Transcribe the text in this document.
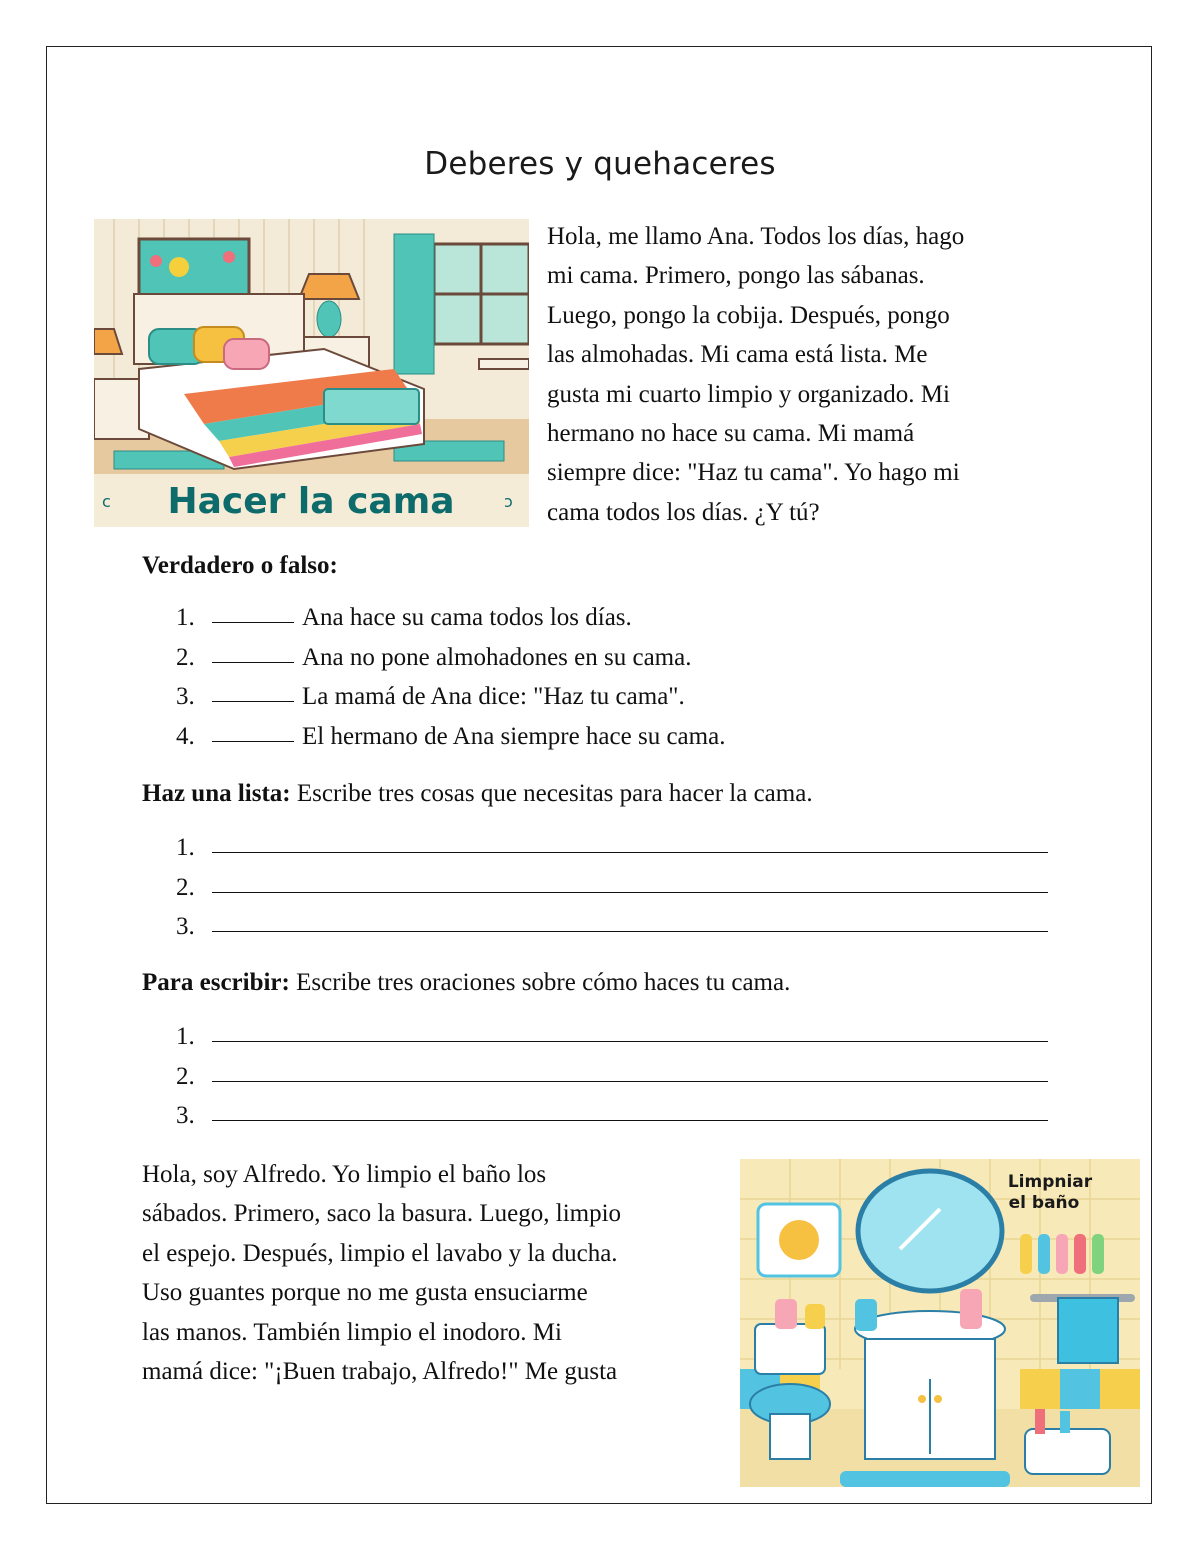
Deberes y quehaceres
Hacer la cama
c	ɔ
Hola, me llamo Ana. Todos los días, hago
mi cama. Primero, pongo las sábanas.
Luego, pongo la cobija. Después, pongo
las almohadas. Mi cama está lista. Me
gusta mi cuarto limpio y organizado. Mi
hermano no hace su cama. Mi mamá
siempre dice: "Haz tu cama". Yo hago mi
cama todos los días. ¿Y tú?
Verdadero o falso:
1.	Ana hace su cama todos los días.
2.	Ana no pone almohadones en su cama.
3.	La mamá de Ana dice: "Haz tu cama".
4.	El hermano de Ana siempre hace su cama.
Haz una lista: Escribe tres cosas que necesitas para hacer la cama.
1.
2.
3.
Para escribir: Escribe tres oraciones sobre cómo haces tu cama.
1.
2.
3.
Hola, soy Alfredo. Yo limpio el baño los
sábados. Primero, saco la basura. Luego, limpio
el espejo. Después, limpio el lavabo y la ducha.
Uso guantes porque no me gusta ensuciarme
las manos. También limpio el inodoro. Mi
mamá dice: "¡Buen trabajo, Alfredo!" Me gusta
Limpniar
el baño
